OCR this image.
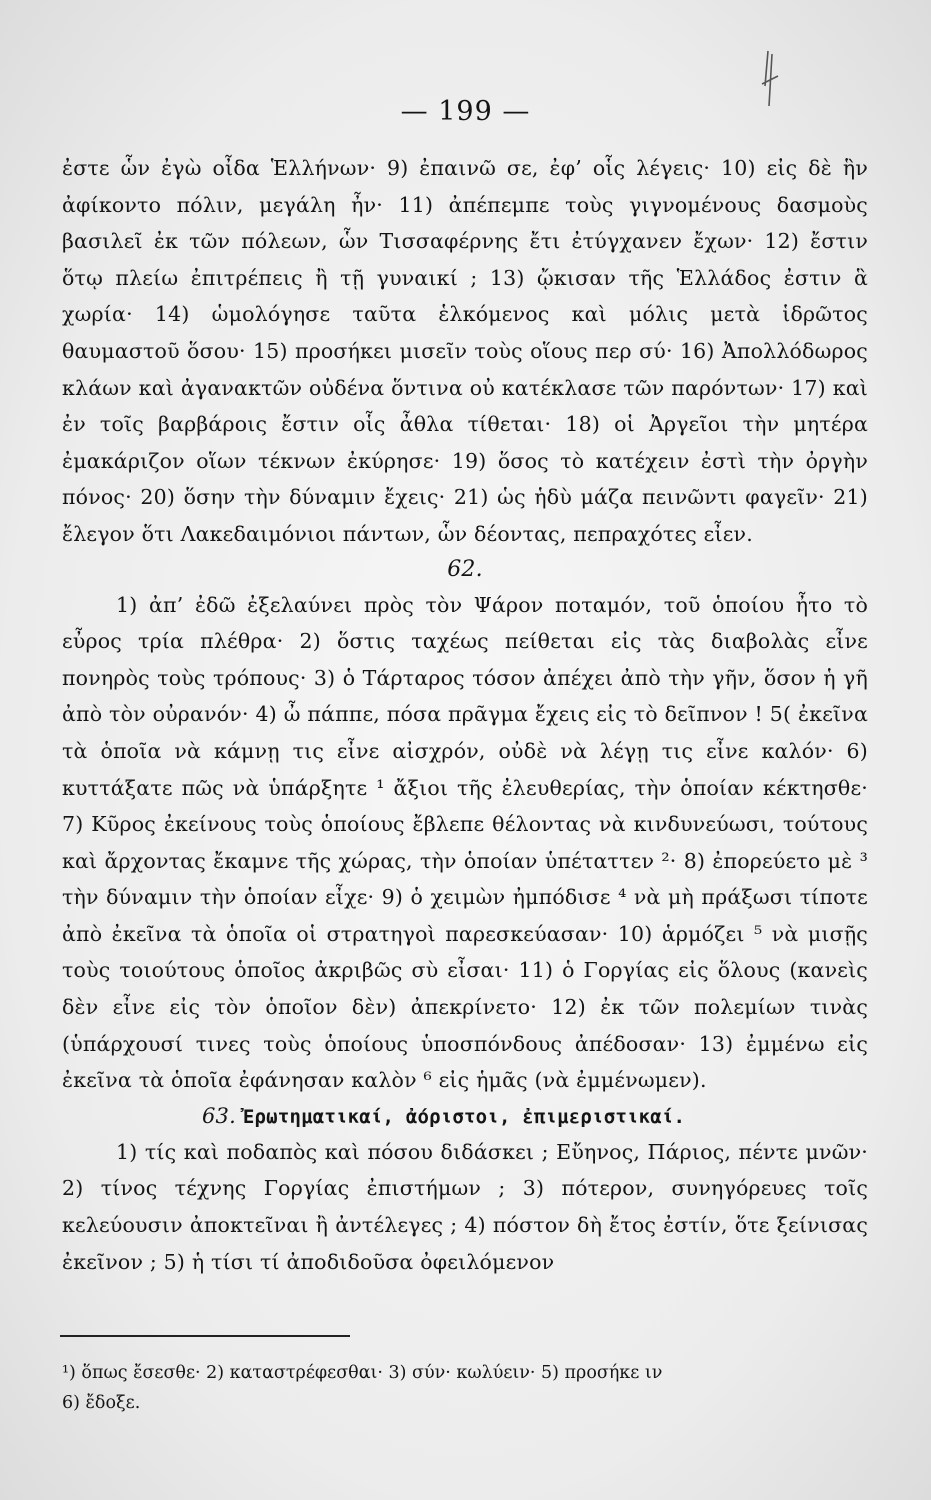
— 199 —

ἐστε ὧν ἐγὼ οἶδα Ἑλλήνων· 9) ἐπαινῶ σε, ἐφ’ οἷς λέγεις· 10) εἰς δὲ ἣν ἀφίκοντο πόλιν, μεγάλη ἦν· 11) ἀπέπεμπε τοὺς γιγνομένους δασμοὺς βασιλεῖ ἐκ τῶν πόλεων, ὧν Τισσαφέρνης ἔτι ἐτύγχανεν ἔχων· 12) ἔστιν ὅτῳ πλείω ἐπιτρέπεις ἢ τῇ γυναικί ; 13) ᾤκισαν τῆς Ἑλλάδος ἐστιν ἃ χωρία· 14) ὡμολόγησε ταῦτα ἑλκόμενος καὶ μόλις μετὰ ἱδρῶτος θαυμαστοῦ ὅσου· 15) προσήκει μισεῖν τοὺς οἵους περ σύ· 16) Ἀπολλόδωρος κλάων καὶ ἀγανακτῶν οὐδένα ὅντινα οὐ κατέκλασε τῶν παρόντων· 17) καὶ ἐν τοῖς βαρβάροις ἔστιν οἷς ἆθλα τίθεται· 18) οἱ Ἀργεῖοι τὴν μητέρα ἐμακάριζον οἵων τέκνων ἐκύρησε· 19) ὅσος τὸ κατέχειν ἐστὶ τὴν ὀργὴν πόνος· 20) ὅσην τὴν δύναμιν ἔχεις· 21) ὡς ἡδὺ μάζα πεινῶντι φαγεῖν· 21) ἔλεγον ὅτι Λακεδαιμόνιοι πάντων, ὧν δέοντας, πεπραχότες εἶεν.

62.

1) ἀπ’ ἐδῶ ἐξελαύνει πρὸς τὸν Ψάρον ποταμόν, τοῦ ὁποίου ἦτο τὸ εὖρος τρία πλέθρα· 2) ὅστις ταχέως πείθεται εἰς τὰς διαβολὰς εἶνε πονηρὸς τοὺς τρόπους· 3) ὁ Τάρταρος τόσον ἀπέχει ἀπὸ τὴν γῆν, ὅσον ἡ γῆ ἀπὸ τὸν οὐρανόν· 4) ὦ πάππε, πόσα πρᾶγμα ἔχεις εἰς τὸ δεῖπνον ! 5( ἐκεῖνα τὰ ὁποῖα νὰ κάμνῃ τις εἶνε αἰσχρόν, οὐδὲ νὰ λέγῃ τις εἶνε καλόν· 6) κυττάξατε πῶς νὰ ὑπάρξητε ¹ ἄξιοι τῆς ἐλευθερίας, τὴν ὁποίαν κέκτησθε· 7) Κῦρος ἐκείνους τοὺς ὁποίους ἔβλεπε θέλοντας νὰ κινδυνεύωσι, τούτους καὶ ἄρχοντας ἔκαμνε τῆς χώρας, τὴν ὁποίαν ὑπέταττεν ²· 8) ἐπορεύετο μὲ ³ τὴν δύναμιν τὴν ὁποίαν εἶχε· 9) ὁ χειμὼν ἠμπόδισε ⁴ νὰ μὴ πράξωσι τίποτε ἀπὸ ἐκεῖνα τὰ ὁποῖα οἱ στρατηγοὶ παρεσκεύασαν· 10) ἁρμόζει ⁵ νὰ μισῇς τοὺς τοιούτους ὁποῖος ἀκριβῶς σὺ εἶσαι· 11) ὁ Γοργίας εἰς ὅλους (κανεὶς δὲν εἶνε εἰς τὸν ὁποῖον δὲν) ἀπεκρίνετο· 12) ἐκ τῶν πολεμίων τινὰς (ὑπάρχουσί τινες τοὺς ὁποίους ὑποσπόνδους ἀπέδοσαν· 13) ἐμμένω εἰς ἐκεῖνα τὰ ὁποῖα ἐφάνησαν καλὸν ⁶ εἰς ἡμᾶς (νὰ ἐμμένωμεν).

63. Ἐρωτηματικαί, ἀόριστοι, ἐπιμεριστικαί.

1) τίς καὶ ποδαπὸς καὶ πόσου διδάσκει ; Εὔηνος, Πάριος, πέντε μνῶν· 2) τίνος τέχνης Γοργίας ἐπιστήμων ; 3) πότερον, συνηγόρευες τοῖς κελεύουσιν ἀποκτεῖναι ἢ ἀντέλεγες ; 4) πόστον δὴ ἔτος ἐστίν, ὅτε ξείνισας ἐκεῖνον ; 5) ἡ τίσι τί ἀποδιδοῦσα ὀφειλόμενον

¹) ὅπως ἔσεσθε· 2) καταστρέφεσθαι· 3) σύν· κωλύειν· 5) προσήκε ιν

6) ἔδοξε.
